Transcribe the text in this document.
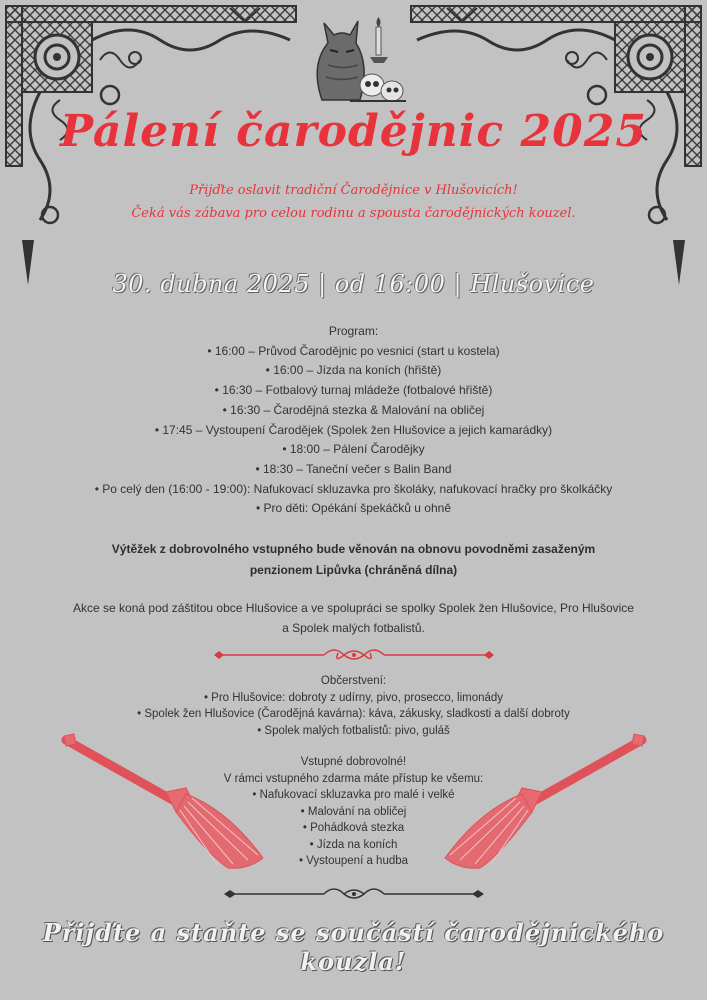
Pálení čarodějnic 2025
Přijďte oslavit tradiční Čarodějnice v Hlušovicích!
Čeká vás zábava pro celou rodinu a spousta čarodějnických kouzel.
30. dubna 2025 | od 16:00 | Hlušovice
Program:
• 16:00 – Průvod Čarodějnic po vesnici (start u kostela)
• 16:00 – Jízda na koních (hřiště)
• 16:30 – Fotbalový turnaj mládeže (fotbalové hřiště)
• 16:30 – Čarodějná stezka & Malování na obličej
• 17:45 – Vystoupení Čarodějek (Spolek žen Hlušovice a jejich kamarádky)
• 18:00 – Pálení Čarodějky
• 18:30 – Taneční večer s Balin Band
• Po celý den (16:00 - 19:00): Nafukovací skluzavka pro školáky, nafukovací hračky pro školkáčky
• Pro děti: Opékání špekáčků u ohně
Výtěžek z dobrovolného vstupného bude věnován na obnovu povodněmi zasaženým
penzionem Lipůvka (chráněná dílna)
Akce se koná pod záštitou obce Hlušovice a ve spolupráci se spolky Spolek žen Hlušovice, Pro Hlušovice
a Spolek malých fotbalistů.
Občerstvení:
• Pro Hlušovice: dobroty z udírny, pivo, prosecco, limonády
• Spolek žen Hlušovice (Čarodějná kavárna): káva, zákusky, sladkosti a další dobroty
• Spolek malých fotbalistů: pivo, guláš
Vstupné dobrovolné!
V rámci vstupného zdarma máte přístup ke všemu:
• Nafukovací skluzavka pro malé i velké
• Malování na obličej
• Pohádková stezka
• Jízda na koních
• Vystoupení a hudba
Přijďte a staňte se součástí čarodějnického kouzla!
